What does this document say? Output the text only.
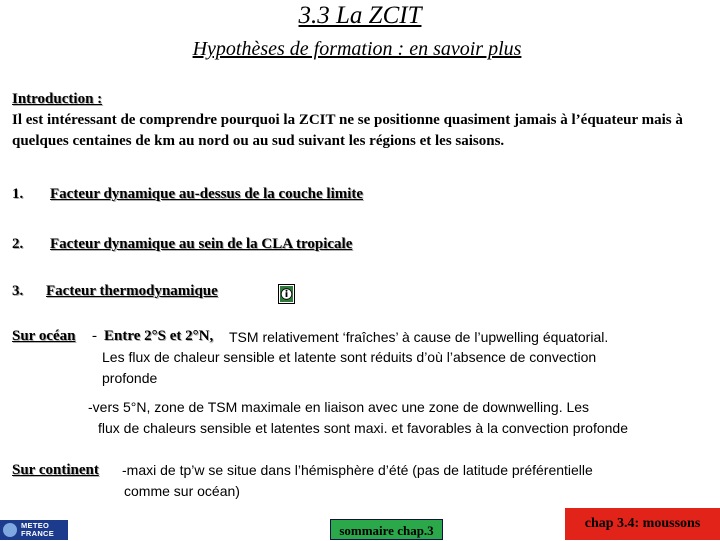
3.3 La ZCIT
Hypothèses de formation : en savoir plus
Introduction :
Il est intéressant de comprendre pourquoi la ZCIT ne se positionne quasiment jamais à l’équateur mais à quelques centaines de km au nord ou au sud suivant les régions et les saisons.
1. Facteur dynamique au-dessus de la couche limite
2. Facteur dynamique au sein de la CLA tropicale
3. Facteur thermodynamique
Sur océan - Entre 2°S et 2°N, TSM relativement ‘fraîches’ à cause de l’upwelling équatorial.
Les flux de chaleur sensible et latente sont réduits d’où l’absence de convection
profonde
-vers 5°N, zone de TSM maximale en liaison avec une zone de downwelling. Les
flux de chaleurs sensible et latentes sont maxi. et favorables à la convection profonde
Sur continent -maxi de tp’w se situe dans l’hémisphère d’été (pas de latitude préférentielle
comme sur océan)
METEO
FRANCE	sommaire chap.3	chap 3.4: moussons
